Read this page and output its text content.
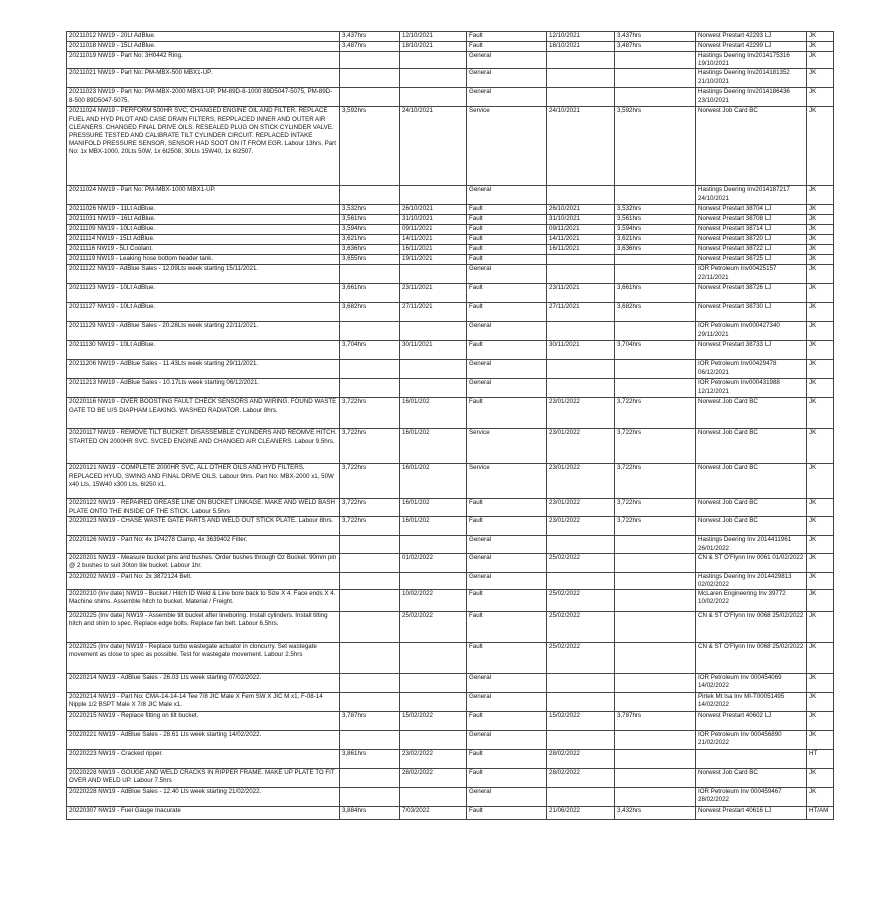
20211012 NW19 - 20Lt AdBlue.	3,437hrs	12/10/2021	Fault	12/10/2021	3,437hrs	Norwest Prestart 42293 LJ	JK
20211018 NW19 - 15Lt AdBlue.	3,487hrs	18/10/2021	Fault	18/10/2021	3,487hrs	Norwest Prestart 42299 LJ	JK
20211019 NW19 - Part No: 3H0442 Ring.			General			Hastings Deering Inv2014175316 19/10/2021	JK
20211021 NW19 - Part No: PM-MBX-500 MBX1-UP.			General			Hastings Deering Inv2014181352 21/10/2021	JK
20211023 NW19 - Part No: PM-MBX-2000 MBX1-UP, PM-89D-8-1000 89D5047-5075, PM-89D-8-500 89D5047-5075.			General			Hastings Deering Inv2014186436 23/10/2021	JK
20211024 NW19 - PERFORM 500HR SVC, CHANGED ENGINE OIL AND FILTER. REPLACE FUEL AND HYD PILOT AND CASE DRAIN FILTERS, REPPLACED INNER AND OUTER AIR CLEANERS. CHANGED FINAL DRIVE OILS. RESEALED PLUG ON STICK CYLINDER VALVE. PRESSURE TESTED AND CALIBRATE TILT CYLINDER CIRCUIT. REPLACED INTAKE MANIFOLD PRESSURE SENSOR, SENSOR HAD SOOT ON IT FROM EGR. Labour 13hrs. Part No: 1x MBX-1000, 20Lts 50W, 1x 6I2508, 30Lts 15W40, 1x 6I2507.	3,592hrs	24/10/2021	Service	24/10/2021	3,592hrs	Norwest Job Card BC	JK
20211024 NW19 - Part No: PM-MBX-1000 MBX1-UP.			General			Hastings Deering Inv2014187217 24/10/2021	JK
20211026 NW19 - 11Lt AdBlue.	3,532hrs	26/10/2021	Fault	26/10/2021	3,532hrs	Norwest Prestart 38704 LJ	JK
20211031 NW19 - 16Lt AdBlue.	3,561hrs	31/10/2021	Fault	31/10/2021	3,561hrs	Norwest Prestart 38708 LJ	JK
20211109 NW19 - 10Lt AdBlue.	3,594hrs	09/11/2021	Fault	09/11/2021	3,594hrs	Norwest Prestart 38714 LJ	JK
20211114 NW19 - 15Lt AdBlue.	3,621hrs	14/11/2021	Fault	14/11/2021	3,621hrs	Norwest Prestart 38720 LJ	JK
20211116 NW19 - 5Lt Coolant.	3,636hrs	16/11/2021	Fault	16/11/2021	3,636hrs	Norwest Prestart 38722 LJ	JK
20211119 NW19 - Leaking hose bottom header tank.	3,655hrs	19/11/2021	Fault			Norwest Prestart 38725 LJ	JK
20211122 NW19 - AdBlue Sales - 12.09Lts week starting 15/11/2021.			General			IOR Petroleum Inv00425157 22/11/2021	JK
20211123 NW19 - 10Lt AdBlue.	3,661hrs	23/11/2021	Fault	23/11/2021	3,661hrs	Norwest Prestart 38726 LJ	JK
20211127 NW19 - 10Lt AdBlue.	3,682hrs	27/11/2021	Fault	27/11/2021	3,682hrs	Norwest Prestart 38730 LJ	JK
20211129 NW19 - AdBlue Sales - 20.28Lts week starting 22/11/2021.			General			IOR Petroleum Inv000427340 29/11/2021	JK
20211130 NW19 - 10Lt AdBlue.	3,704hrs	30/11/2021	Fault	30/11/2021	3,704hrs	Norwest Prestart 38733 LJ	JK
20211206 NW19 - AdBlue Sales - 11.43Lts week starting 29/11/2021.			General			IOR Petroleum Inv00429478 06/12/2021	JK
20211213 NW19 - AdBlue Sales - 10.17Lts week starting 06/12/2021.			General			IOR Petroleum Inv000431988 12/12/2021	JK
20220116 NW19 - OVER BOOSTING FAULT CHECK SENSORS AND WIRING. FOUND WASTE GATE TO BE U/S DIAPHAM LEAKING. WASHED RADIATOR. Labour 8hrs.	3,722hrs	16/01/202	Fault	23/01/2022	3,722hrs	Norwest Job Card BC	JK
20220117 NW19 - REMOVE TILT BUCKET. DISASSEMBLE CYLINDERS AND REOMVE HITCH. STARTED ON 2000HR SVC. SVCED ENGINE AND CHANGED AIR CLEANERS. Labour 9.5hrs.	3,722hrs	16/01/202	Service	23/01/2022	3,722hrs	Norwest Job Card BC	JK
20220121 NW19 - COMPLETE 2000HR SVC, ALL OTHER OILS AND HYD FILTERS. REPLACED HYUD, SWING AND FINAL DRIVE OILS. Labour 9hrs. Part No: MBX-2000 x1, 50W x40 Lts, 15W40 x300 Lts, 6I250 x1.	3,722hrs	16/01/202	Service	23/01/2022	3,722hrs	Norwest Job Card BC	JK
20220122 NW19 - REPAIRED GREASE LINE ON BUCKET LINKAGE. MAKE AND WELD BASH PLATE ONTO THE INSIDE OF THE STICK. Labour 5.5hrs	3,722hrs	16/01/202	Fault	23/01/2022	3,722hrs	Norwest Job Card BC	JK
20220123 NW19 - CHASE WASTE GATE PARTS AND WELD OUT STICK PLATE. Labour 8hrs.	3,722hrs	16/01/202	Fault	23/01/2022	3,722hrs	Norwest Job Card BC	JK
20220126 NW19 - Part No: 4x 1P4278 Clamp, 4x 3639402 Filter.			General			Hastings Deering Inv 2014411961 26/01/2022	JK
20220201 NW19 - Measure bucket pins and bushes. Order bushes through Oz Bucket. 90mm pin @ 2 bushes to suit 30ton tile bucket. Labour 1hr.		01/02/2022	General	25/02/2022		CN & ST O'Flynn Inv 0061 01/02/2022	JK
20220202 NW19 - Part No: 2x 3872124 Belt.			General			Hastings Deering Inv 2014429813 02/02/2022	JK
20220210 (Inv date) NW19 - Bucket / Hitch ID Weld & Line bore back to Size X 4. Face ends X 4. Machine shims. Assemble hitch to bucket. Material / Freight.		10/02/2022	Fault	25/02/2022		McLaren Engineering Inv 39772 10/02/2022	JK
20220225 (Inv date) NW19 - Assemble tilt bucket after lineboring. Install cylinders. Install tilting hitch and shim to spec. Replace edge bolts. Replace fan belt. Labour 6.5hrs.		25/02/2022	Fault	25/02/2022		CN & ST O'Flynn Inv 0068 25/02/2022	JK
20220225 (Inv date) NW19 - Replace turbo wastegate actuator in cloncurry. Set wastegate movement as close to spec as possible. Test for wastegate movement. Labour 2.5hrs			Fault	25/02/2022		CN & ST O'Flynn Inv 0068 25/02/2022	JK
20220214 NW19 - AdBlue Sales - 26.03 Lts week starting 07/02/2022.			General			IOR Petroleum Inv 000454069 14/02/2022	JK
20220214 NW19 - Part No: CMA-14-14-14 Tee 7/8 JIC Male X Fem SW X JIC M x1, F-08-14 Nipple 1/2 BSPT Male X 7/8 JIC Male x1.			General			Pirtek Mt Isa Inv MI-T00051495 14/02/2022	JK
20220215 NW19 - Replace fitting on tilt bucket.	3,787hrs	15/02/2022	Fault	15/02/2022	3,787hrs	Norwest Prestart 40602 LJ	JK
20220221 NW19 - AdBlue Sales - 28.61 Lts week starting 14/02/2022.			General			IOR Petroleum Inv 000456890 21/02/2022	JK
20220223 NW19 - Cracked ripper.	3,861hrs	23/02/2022	Fault	28/02/2022			HT
20220228 NW19 - GOUGE AND WELD CRACKS IN RIPPER FRAME. MAKE UP PLATE TO FIT OVER AND WELD UP. Labour 7.5hrs		28/02/2022	Fault	28/02/2022		Norwest Job Card BC	JK
20220228 NW19 - AdBlue Sales - 12.40 Lts week starting 21/02/2022.			General			IOR Petroleum Inv 000459467 28/02/2022	JK
20220307 NW19 - Fuel Gauge Inacurate	3,884hrs	7/03/2022	Fault	21/06/2022	3,432hrs	Norwest Prestart 40616 LJ	HT/AM
